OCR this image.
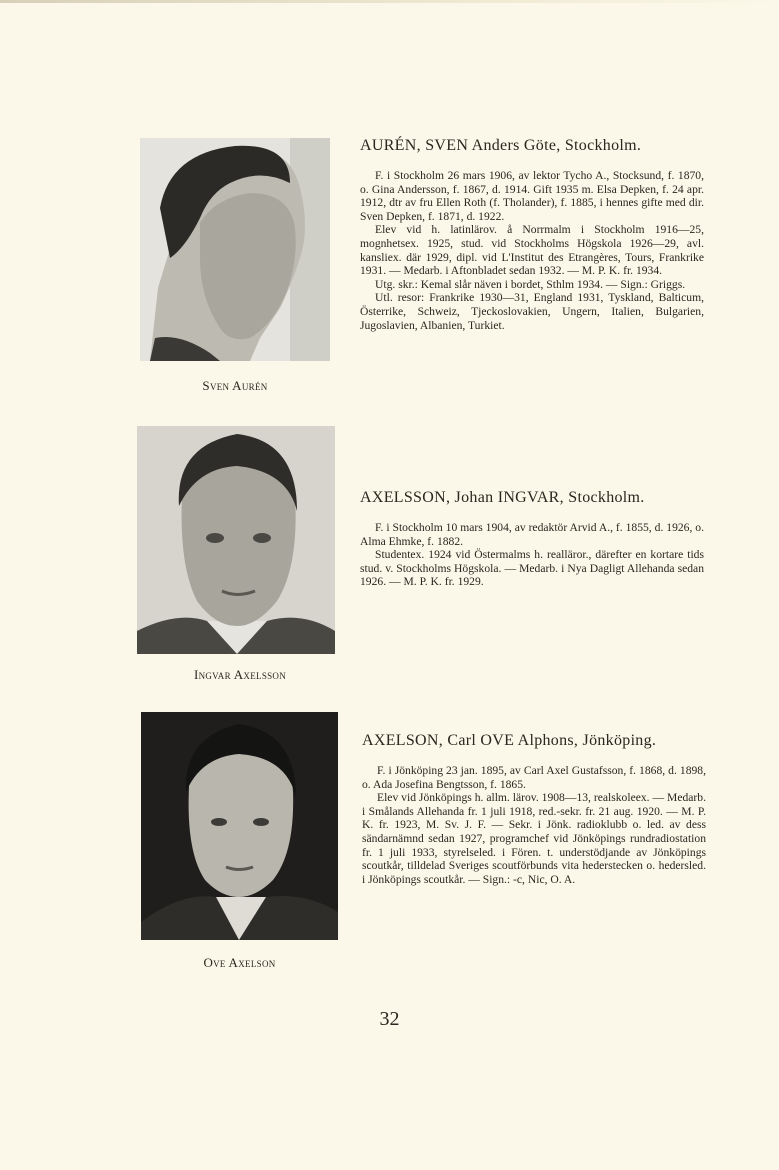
Sven Aurén
AURÉN, SVEN Anders Göte, Stockholm.

F. i Stockholm 26 mars 1906, av lektor Tycho A., Stocksund, f. 1870, o. Gina Andersson, f. 1867, d. 1914. Gift 1935 m. Elsa Depken, f. 24 apr. 1912, dtr av fru Ellen Roth (f. Tholander), f. 1885, i hennes gifte med dir. Sven Depken, f. 1871, d. 1922.

Elev vid h. latinlärov. å Norrmalm i Stockholm 1916—25, mognhetsex. 1925, stud. vid Stockholms Högskola 1926—29, avl. kansliex. där 1929, dipl. vid L'Institut des Etrangères, Tours, Frankrike 1931. — Medarb. i Aftonbladet sedan 1932. — M. P. K. fr. 1934.

Utg. skr.: Kemal slår näven i bordet, Sthlm 1934. — Sign.: Griggs.

Utl. resor: Frankrike 1930—31, England 1931, Tyskland, Balticum, Österrike, Schweiz, Tjeckoslovakien, Ungern, Italien, Bulgarien, Jugoslavien, Albanien, Turkiet.

Ingvar Axelsson
AXELSSON, Johan INGVAR, Stockholm.

F. i Stockholm 10 mars 1904, av redaktör Arvid A., f. 1855, d. 1926, o. Alma Ehmke, f. 1882.

Studentex. 1924 vid Östermalms h. realläror., därefter en kortare tids stud. v. Stockholms Högskola. — Medarb. i Nya Dagligt Allehanda sedan 1926. — M. P. K. fr. 1929.

Ove Axelson
AXELSON, Carl OVE Alphons, Jönköping.

F. i Jönköping 23 jan. 1895, av Carl Axel Gustafsson, f. 1868, d. 1898, o. Ada Josefina Bengtsson, f. 1865.

Elev vid Jönköpings h. allm. lärov. 1908—13, realskoleex. — Medarb. i Smålands Allehanda fr. 1 juli 1918, red.-sekr. fr. 21 aug. 1920. — M. P. K. fr. 1923, M. Sv. J. F. — Sekr. i Jönk. radioklubb o. led. av dess sändarnämnd sedan 1927, programchef vid Jönköpings rundradiostation fr. 1 juli 1933, styrelseled. i Fören. t. understödjande av Jönköpings scoutkår, tilldelad Sveriges scoutförbunds vita hederstecken o. hedersled. i Jönköpings scoutkår. — Sign.: -c, Nic, O. A.

32
